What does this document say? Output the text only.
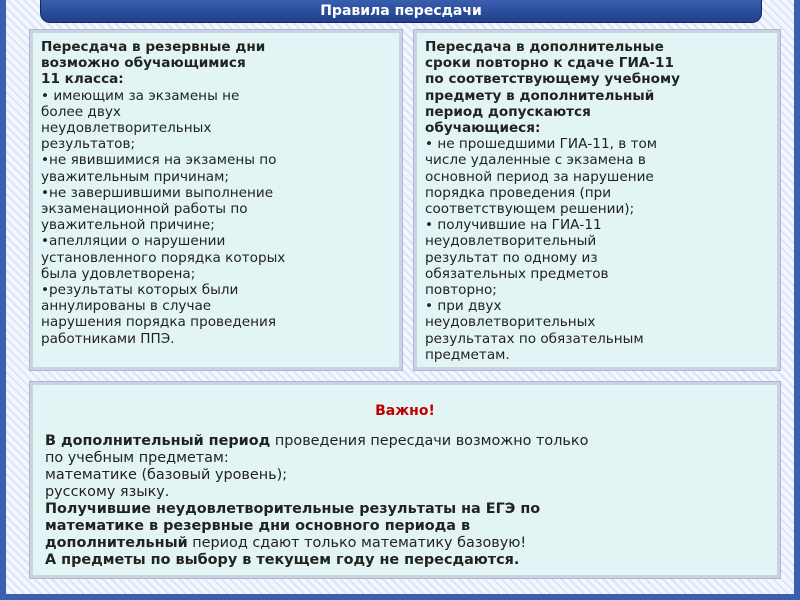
Правила пересдачи
Пересдача в резервные дни
возможно обучающимися
11 класса:
• имеющим за экзамены не
более двух
неудовлетворительных
результатов;
•не явившимися на экзамены по
уважительным причинам;
•не завершившими выполнение
экзаменационной работы по
уважительной причине;
•апелляции о нарушении
установленного порядка которых
была удовлетворена;
•результаты которых были
аннулированы в случае
нарушения порядка проведения
работниками ППЭ.
Пересдача в дополнительные
сроки повторно к сдаче ГИА-11
по соответствующему учебному
предмету в дополнительный
период допускаются
обучающиеся:
• не прошедшими ГИА-11, в том
числе удаленные с экзамена в
основной период за нарушение
порядка проведения (при
соответствующем решении);
• получившие на ГИА-11
неудовлетворительный
результат по одному из
обязательных предметов
повторно;
• при двух
неудовлетворительных
результатах по обязательным
предметам.
Важно!
В дополнительный период проведения пересдачи возможно только
по учебным предметам:
математике (базовый уровень);
русскому языку.
Получившие неудовлетворительные результаты на ЕГЭ по
математике в резервные дни основного периода в
дополнительный период сдают только математику базовую!
А предметы по выбору в текущем году не пересдаются.
